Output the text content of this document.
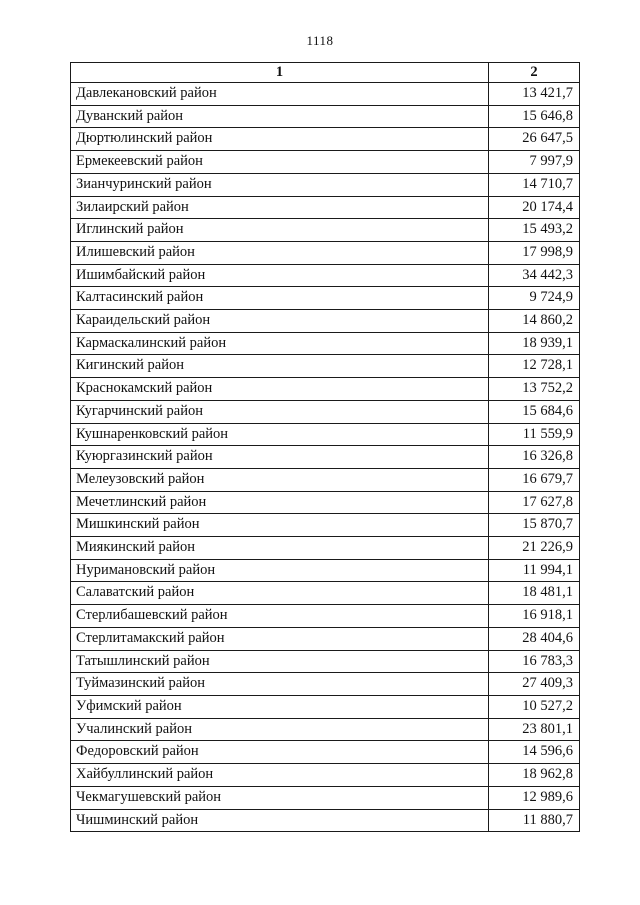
1118
1	2
Давлекановский район	13 421,7
Дуванский район	15 646,8
Дюртюлинский район	26 647,5
Ермекеевский район	7 997,9
Зианчуринский район	14 710,7
Зилаирский район	20 174,4
Иглинский район	15 493,2
Илишевский район	17 998,9
Ишимбайский район	34 442,3
Калтасинский район	9 724,9
Караидельский район	14 860,2
Кармаскалинский район	18 939,1
Кигинский район	12 728,1
Краснокамский район	13 752,2
Кугарчинский район	15 684,6
Кушнаренковский район	11 559,9
Куюргазинский район	16 326,8
Мелеузовский район	16 679,7
Мечетлинский район	17 627,8
Мишкинский район	15 870,7
Миякинский район	21 226,9
Нуримановский район	11 994,1
Салаватский район	18 481,1
Стерлибашевский район	16 918,1
Стерлитамакский район	28 404,6
Татышлинский район	16 783,3
Туймазинский район	27 409,3
Уфимский район	10 527,2
Учалинский район	23 801,1
Федоровский район	14 596,6
Хайбуллинский район	18 962,8
Чекмагушевский район	12 989,6
Чишминский район	11 880,7
